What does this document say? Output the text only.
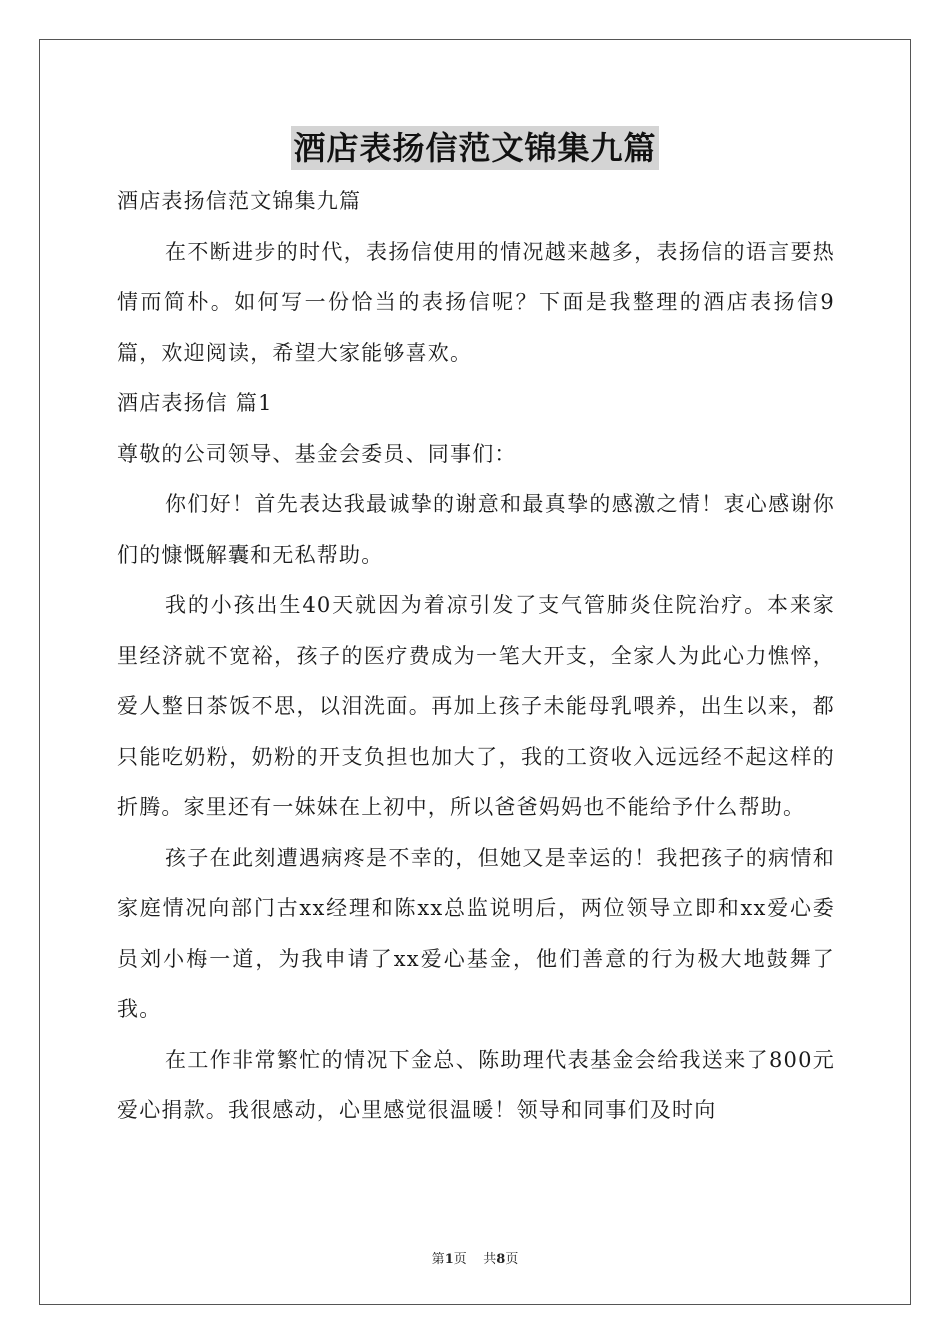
酒店表扬信范文锦集九篇

酒店表扬信范文锦集九篇

在不断进步的时代，表扬信使用的情况越来越多，表扬信的语言要热情而简朴。如何写一份恰当的表扬信呢？下面是我整理的酒店表扬信9篇，欢迎阅读，希望大家能够喜欢。

酒店表扬信 篇1

尊敬的公司领导、基金会委员、同事们：

你们好！首先表达我最诚挚的谢意和最真挚的感激之情！衷心感谢你们的慷慨解囊和无私帮助。

我的小孩出生40天就因为着凉引发了支气管肺炎住院治疗。本来家里经济就不宽裕，孩子的医疗费成为一笔大开支，全家人为此心力憔悴，爱人整日茶饭不思，以泪洗面。再加上孩子未能母乳喂养，出生以来，都只能吃奶粉，奶粉的开支负担也加大了，我的工资收入远远经不起这样的折腾。家里还有一妹妹在上初中，所以爸爸妈妈也不能给予什么帮助。

孩子在此刻遭遇病疼是不幸的，但她又是幸运的！我把孩子的病情和家庭情况向部门古xx经理和陈xx总监说明后，两位领导立即和xx爱心委员刘小梅一道，为我申请了xx爱心基金，他们善意的行为极大地鼓舞了我。

在工作非常繁忙的情况下金总、陈助理代表基金会给我送来了800元爱心捐款。我很感动，心里感觉很温暖！领导和同事们及时向

第1页    共8页
